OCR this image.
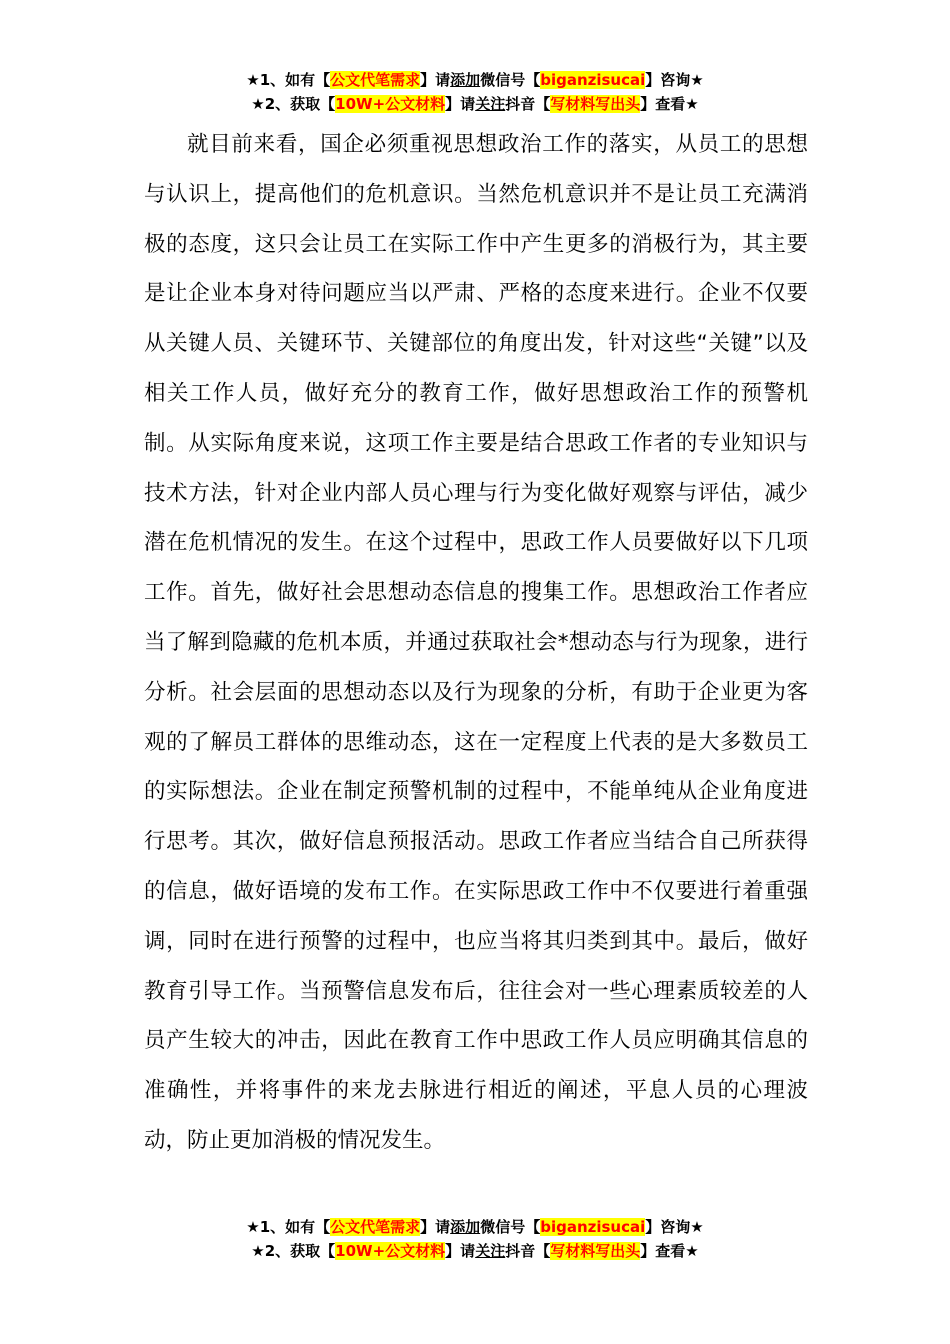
★1、如有【公文代笔需求】请添加微信号【biganzisucai】咨询★
★2、获取【10W+公文材料】请关注抖音【写材料写出头】查看★

就目前来看，国企必须重视思想政治工作的落实，从员工的思想与认识上，提高他们的危机意识。当然危机意识并不是让员工充满消极的态度，这只会让员工在实际工作中产生更多的消极行为，其主要是让企业本身对待问题应当以严肃、严格的态度来进行。企业不仅要从关键人员、关键环节、关键部位的角度出发，针对这些“关键”以及相关工作人员，做好充分的教育工作，做好思想政治工作的预警机制。从实际角度来说，这项工作主要是结合思政工作者的专业知识与技术方法，针对企业内部人员心理与行为变化做好观察与评估，减少潜在危机情况的发生。在这个过程中，思政工作人员要做好以下几项工作。首先，做好社会思想动态信息的搜集工作。思想政治工作者应当了解到隐藏的危机本质，并通过获取社会*想动态与行为现象，进行分析。社会层面的思想动态以及行为现象的分析，有助于企业更为客观的了解员工群体的思维动态，这在一定程度上代表的是大多数员工的实际想法。企业在制定预警机制的过程中，不能单纯从企业角度进行思考。其次，做好信息预报活动。思政工作者应当结合自己所获得的信息，做好语境的发布工作。在实际思政工作中不仅要进行着重强调，同时在进行预警的过程中，也应当将其归类到其中。最后，做好教育引导工作。当预警信息发布后，往往会对一些心理素质较差的人员产生较大的冲击，因此在教育工作中思政工作人员应明确其信息的准确性，并将事件的来龙去脉进行相近的阐述，平息人员的心理波动，防止更加消极的情况发生。

★1、如有【公文代笔需求】请添加微信号【biganzisucai】咨询★
★2、获取【10W+公文材料】请关注抖音【写材料写出头】查看★
